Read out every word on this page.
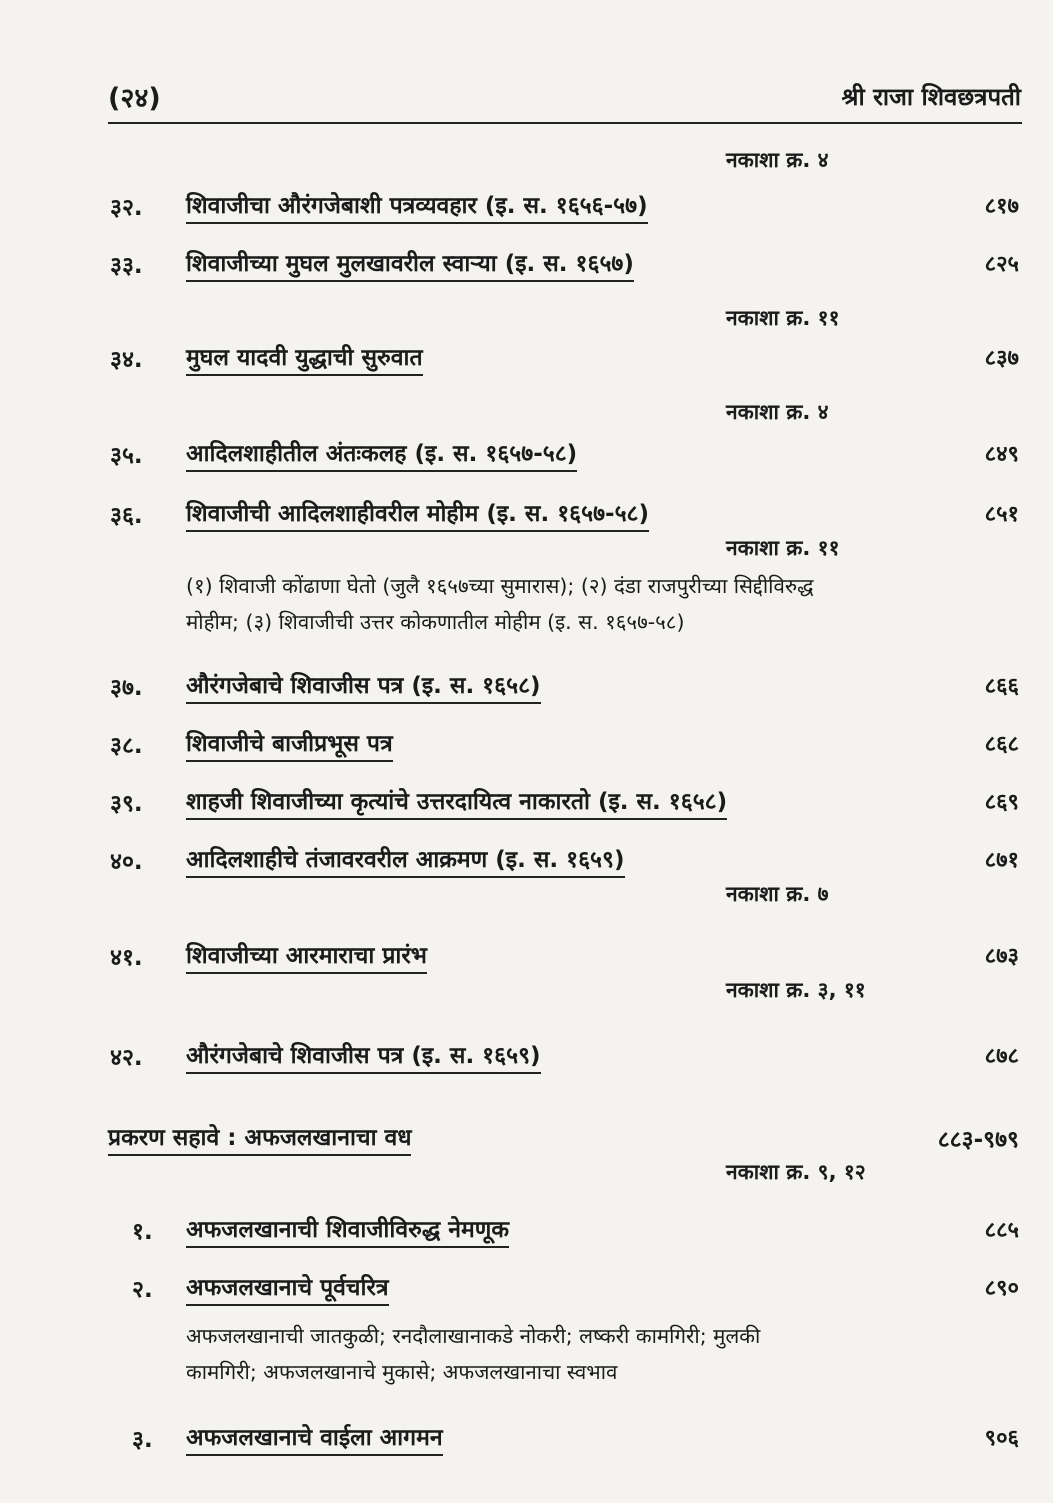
(२४)	श्री राजा शिवछत्रपती
नकाशा क्र. ४
३२. शिवाजीचा औरंगजेबाशी पत्रव्यवहार (इ. स. १६५६-५७)	८१७
३३. शिवाजीच्या मुघल मुलखावरील स्वाऱ्या (इ. स. १६५७)	८२५
नकाशा क्र. ११
३४. मुघल यादवी युद्धाची सुरुवात	८३७
नकाशा क्र. ४
३५. आदिलशाहीतील अंतःकलह (इ. स. १६५७-५८)	८४९
३६. शिवाजीची आदिलशाहीवरील मोहीम (इ. स. १६५७-५८)	८५१
नकाशा क्र. ११
(१) शिवाजी कोंढाणा घेतो (जुलै १६५७च्या सुमारास); (२) दंडा राजपुरीच्या सिद्दीविरुद्ध
मोहीम; (३) शिवाजीची उत्तर कोकणातील मोहीम (इ. स. १६५७-५८)
३७. औरंगजेबाचे शिवाजीस पत्र (इ. स. १६५८)	८६६
३८. शिवाजीचे बाजीप्रभूस पत्र	८६८
३९. शाहजी शिवाजीच्या कृत्यांचे उत्तरदायित्व नाकारतो (इ. स. १६५८)	८६९
४०. आदिलशाहीचे तंजावरवरील आक्रमण (इ. स. १६५९)	८७१
नकाशा क्र. ७
४१. शिवाजीच्या आरमाराचा प्रारंभ	८७३
नकाशा क्र. ३, ११
४२. औरंगजेबाचे शिवाजीस पत्र (इ. स. १६५९)	८७८
प्रकरण सहावे : अफजलखानाचा वध	८८३-९७९
नकाशा क्र. ९, १२
१. अफजलखानाची शिवाजीविरुद्ध नेमणूक	८८५
२. अफजलखानाचे पूर्वचरित्र	८९०
अफजलखानाची जातकुळी; रनदौलाखानाकडे नोकरी; लष्करी कामगिरी; मुलकी
कामगिरी; अफजलखानाचे मुकासे; अफजलखानाचा स्वभाव
३. अफजलखानाचे वाईला आगमन	९०६
